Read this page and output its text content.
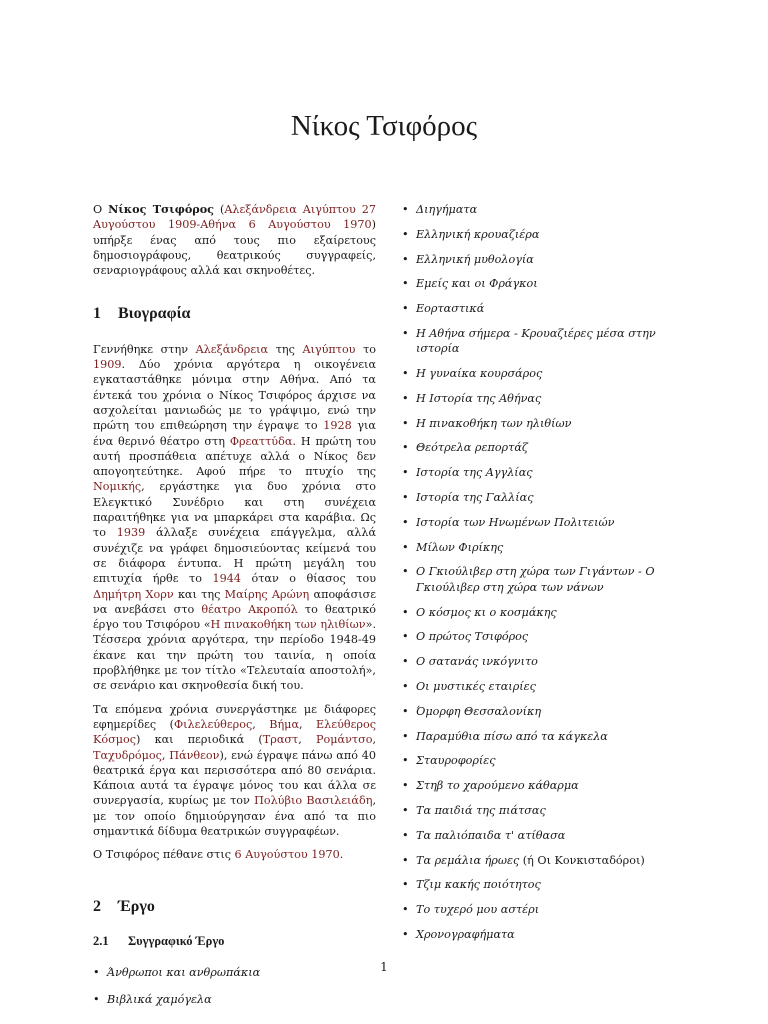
Νίκος Τσιφόρος

Ο Νίκος Τσιφόρος (Αλεξάνδρεια Αιγύπτου 27 Αυγούστου 1909-Αθήνα 6 Αυγούστου 1970) υπήρξε ένας από τους πιο εξαίρετους δημοσιογράφους, θεατρικούς συγγραφείς, σεναριογράφους αλλά και σκηνοθέτες.

1 Βιογραφία

Γεννήθηκε στην Αλεξάνδρεια της Αιγύπτου το 1909. Δύο χρόνια αργότερα η οικογένεια εγκαταστάθηκε μόνιμα στην Αθήνα. Από τα έντεκά του χρόνια ο Νίκος Τσιφόρος άρχισε να ασχολείται μανιωδώς με το γράψιμο, ενώ την πρώτη του επιθεώρηση την έγραψε το 1928 για ένα θερινό θέατρο στη Φρεαττύδα. Η πρώτη του αυτή προσπάθεια απέτυχε αλλά ο Νίκος δεν απογοητεύτηκε. Αφού πήρε το πτυχίο της Νομικής, εργάστηκε για δυο χρόνια στο Ελεγκτικό Συνέδριο και στη συνέχεια παραιτήθηκε για να μπαρκάρει στα καράβια. Ως το 1939 άλλαξε συνέχεια επάγγελμα, αλλά συνέχιζε να γράφει δημοσιεύοντας κείμενά του σε διάφορα έντυπα. Η πρώτη μεγάλη του επιτυχία ήρθε το 1944 όταν ο θίασος του Δημήτρη Χορν και της Μαίρης Αρώνη αποφάσισε να ανεβάσει στο θέατρο Ακροπόλ το θεατρικό έργο του Τσιφόρου «Η πινακοθήκη των ηλιθίων». Τέσσερα χρόνια αργότερα, την περίοδο 1948-49 έκανε και την πρώτη του ταινία, η οποία προβλήθηκε με τον τίτλο «Τελευταία αποστολή», σε σενάριο και σκηνοθεσία δική του.

Τα επόμενα χρόνια συνεργάστηκε με διάφορες εφημερίδες (Φιλελεύθερος, Βήμα, Ελεύθερος Κόσμος) και περιοδικά (Τραστ, Ρομάντσο, Ταχυδρόμος, Πάνθεον), ενώ έγραψε πάνω από 40 θεατρικά έργα και περισσότερα από 80 σενάρια. Κάποια αυτά τα έγραψε μόνος του και άλλα σε συνεργασία, κυρίως με τον Πολύβιο Βασιλειάδη, με τον οποίο δημιούργησαν ένα από τα πιο σημαντικά δίδυμα θεατρικών συγγραφέων.

Ο Τσιφόρος πέθανε στις 6 Αυγούστου 1970.

2 Έργο
2.1 Συγγραφικό Έργο
• Άνθρωποι και ανθρωπάκια
• Βιβλικά χαμόγελα
• Διηγήματα
• Ελληνική κρουαζιέρα
• Ελληνική μυθολογία
• Εμείς και οι Φράγκοι
• Εορταστικά
• Η Αθήνα σήμερα - Κρουαζιέρες μέσα στην ιστορία
• Η γυναίκα κουρσάρος
• Η Ιστορία της Αθήνας
• Η πινακοθήκη των ηλιθίων
• Θεότρελα ρεπορτάζ
• Ιστορία της Αγγλίας
• Ιστορία της Γαλλίας
• Ιστορία των Ηνωμένων Πολιτειών
• Μίλων Φιρίκης
• Ο Γκιούλιβερ στη χώρα των Γιγάντων - Ο Γκιούλιβερ στη χώρα των νάνων
• Ο κόσμος κι ο κοσμάκης
• Ο πρώτος Τσιφόρος
• Ο σατανάς ινκόγνιτο
• Οι μυστικές εταιρίες
• Όμορφη Θεσσαλονίκη
• Παραμύθια πίσω από τα κάγκελα
• Σταυροφορίες
• Στηβ το χαρούμενο κάθαρμα
• Τα παιδιά της πιάτσας
• Τα παλιόπαιδα τ' ατίθασα
• Τα ρεμάλια ήρωες (ή Οι Κονκισταδόροι)
• Τζιμ κακής ποιότητος
• Το τυχερό μου αστέρι
• Χρονογραφήματα
1
